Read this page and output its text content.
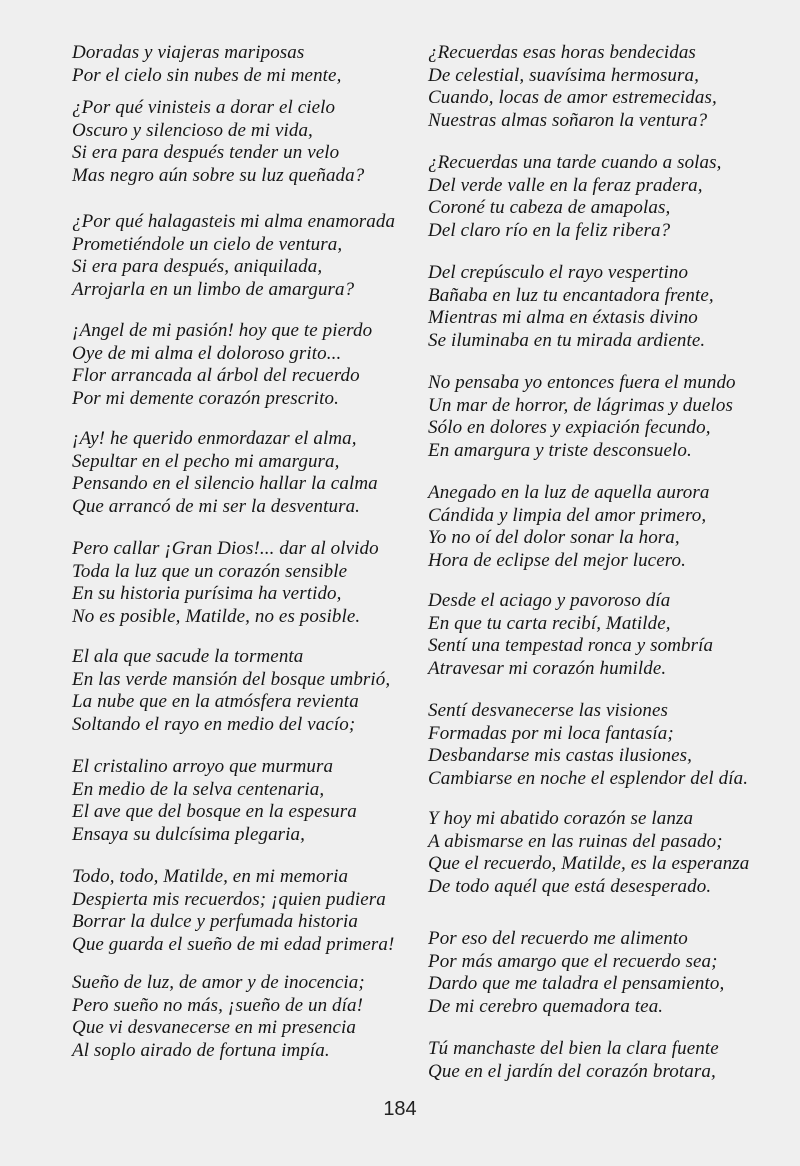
Doradas y viajeras mariposas
Por el cielo sin nubes de mi mente,
¿Por qué vinisteis a dorar el cielo
Oscuro y silencioso de mi vida,
Si era para después tender un velo
Mas negro aún sobre su luz queñada?
¿Por qué halagasteis mi alma enamorada
Prometiéndole un cielo de ventura,
Si era para después, aniquilada,
Arrojarla en un limbo de amargura?
¡Angel de mi pasión! hoy que te pierdo
Oye de mi alma el doloroso grito...
Flor arrancada al árbol del recuerdo
Por mi demente corazón prescrito.
¡Ay! he querido enmordazar el alma,
Sepultar en el pecho mi amargura,
Pensando en el silencio hallar la calma
Que arrancó de mi ser la desventura.
Pero callar ¡Gran Dios!... dar al olvido
Toda la luz que un corazón sensible
En su historia purísima ha vertido,
No es posible, Matilde, no es posible.
El ala que sacude la tormenta
En las verde mansión del bosque umbrió,
La nube que en la atmósfera revienta
Soltando el rayo en medio del vacío;
El cristalino arroyo que murmura
En medio de la selva centenaria,
El ave que del bosque en la espesura
Ensaya su dulcísima plegaria,
Todo, todo, Matilde, en mi memoria
Despierta mis recuerdos; ¡quien pudiera
Borrar la dulce y perfumada historia
Que guarda el sueño de mi edad primera!
Sueño de luz, de amor y de inocencia;
Pero sueño no más, ¡sueño de un día!
Que vi desvanecerse en mi presencia
Al soplo airado de fortuna impía.
¿Recuerdas esas horas bendecidas
De celestial, suavísima hermosura,
Cuando, locas de amor estremecidas,
Nuestras almas soñaron la ventura?
¿Recuerdas una tarde cuando a solas,
Del verde valle en la feraz pradera,
Coroné tu cabeza de amapolas,
Del claro río en la feliz ribera?
Del crepúsculo el rayo vespertino
Bañaba en luz tu encantadora frente,
Mientras mi alma en éxtasis divino
Se iluminaba en tu mirada ardiente.
No pensaba yo entonces fuera el mundo
Un mar de horror, de lágrimas y duelos
Sólo en dolores y expiación fecundo,
En amargura y triste desconsuelo.
Anegado en la luz de aquella aurora
Cándida y limpia del amor primero,
Yo no oí del dolor sonar la hora,
Hora de eclipse del mejor lucero.
Desde el aciago y pavoroso día
En que tu carta recibí, Matilde,
Sentí una tempestad ronca y sombría
Atravesar mi corazón humilde.
Sentí desvanecerse las visiones
Formadas por mi loca fantasía;
Desbandarse mis castas ilusiones,
Cambiarse en noche el esplendor del día.
Y hoy mi abatido corazón se lanza
A abismarse en las ruinas del pasado;
Que el recuerdo, Matilde, es la esperanza
De todo aquél que está desesperado.
Por eso del recuerdo me alimento
Por más amargo que el recuerdo sea;
Dardo que me taladra el pensamiento,
De mi cerebro quemadora tea.
Tú manchaste del bien la clara fuente
Que en el jardín del corazón brotara,
184
